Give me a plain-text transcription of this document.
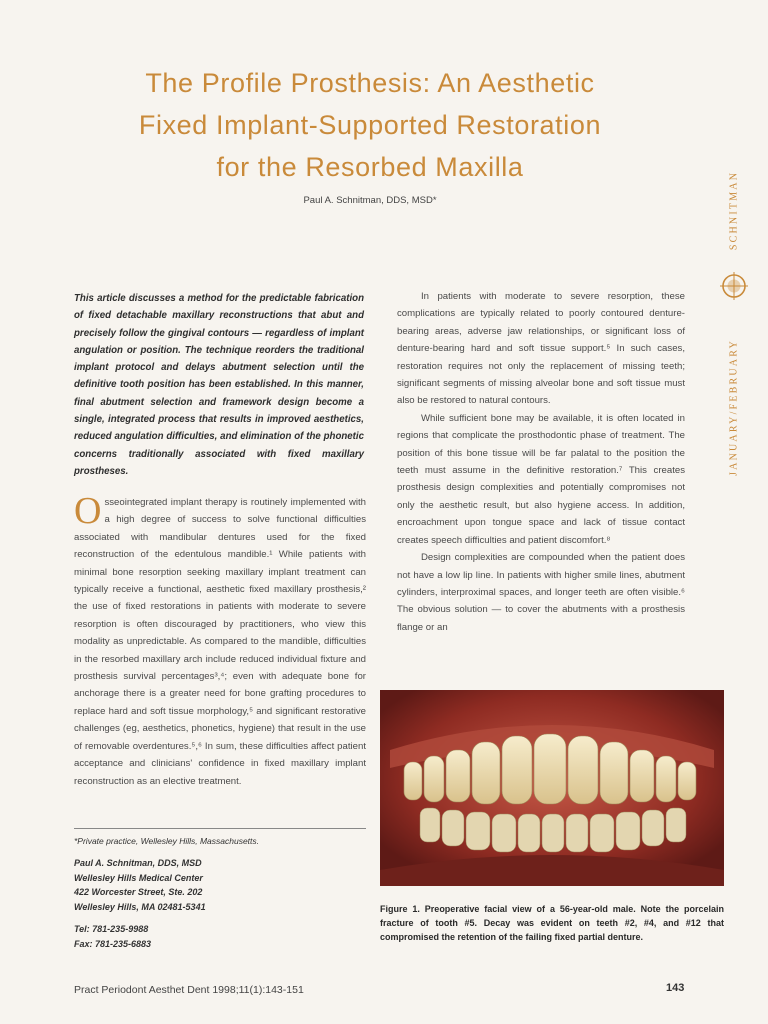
The Profile Prosthesis: An Aesthetic
Fixed Implant-Supported Restoration
for the Resorbed Maxilla
Paul A. Schnitman, DDS, MSD*	SCHNITMAN
JANUARY/FEBRUARY
This article discusses a method for the predictable fabrication of fixed detachable maxillary reconstructions that abut and precisely follow the gingival contours — regardless of implant angulation or position. The technique reorders the traditional implant protocol and delays abutment selection until the definitive tooth position has been established. In this manner, final abutment selection and framework design become a single, integrated process that results in improved aesthetics, reduced angulation difficulties, and elimination of the phonetic concerns traditionally associated with fixed maxillary prostheses.

Osseointegrated implant therapy is routinely implemented with a high degree of success to solve functional difficulties associated with mandibular dentures used for the fixed reconstruction of the edentulous mandible.¹ While patients with minimal bone resorption seeking maxillary implant treatment can typically receive a functional, aesthetic fixed maxillary prosthesis,² the use of fixed restorations in patients with moderate to severe resorption is often discouraged by practitioners, who view this modality as unpredictable. As compared to the mandible, difficulties in the resorbed maxillary arch include reduced individual fixture and prosthesis survival percentages³,⁴; even with adequate bone for anchorage there is a greater need for bone grafting procedures to replace hard and soft tissue morphology,⁵ and significant restorative challenges (eg, aesthetics, phonetics, hygiene) that result in the use of removable overdentures.⁵,⁶ In sum, these difficulties affect patient acceptance and clinicians' confidence in fixed maxillary implant reconstruction as an elective treatment.

*Private practice, Wellesley Hills, Massachusetts.
Paul A. Schnitman, DDS, MSD
Wellesley Hills Medical Center
422 Worcester Street, Ste. 202
Wellesley Hills, MA 02481-5341
Tel: 781-235-9988
Fax: 781-235-6883

In patients with moderate to severe resorption, these complications are typically related to poorly contoured denture-bearing areas, adverse jaw relationships, or significant loss of denture-bearing hard and soft tissue support.⁵ In such cases, restoration requires not only the replacement of missing teeth; significant segments of missing alveolar bone and soft tissue must also be restored to natural contours.

While sufficient bone may be available, it is often located in regions that complicate the prosthodontic phase of treatment. The position of this bone tissue will be far palatal to the position the teeth must assume in the definitive restoration.⁷ This creates prosthesis design complexities and potentially compromises not only the aesthetic result, but also hygiene access. In addition, encroachment upon tongue space and lack of tissue contact creates speech difficulties and patient discomfort.⁸

Design complexities are compounded when the patient does not have a low lip line. In patients with higher smile lines, abutment cylinders, interproximal spaces, and longer teeth are often visible.⁶ The obvious solution — to cover the abutments with a prosthesis flange or an

Figure 1. Preoperative facial view of a 56-year-old male. Note the porcelain fracture of tooth #5. Decay was evident on teeth #2, #4, and #12 that compromised the retention of the failing fixed partial denture.
Pract Periodont Aesthet Dent 1998;11(1):143-151	143
